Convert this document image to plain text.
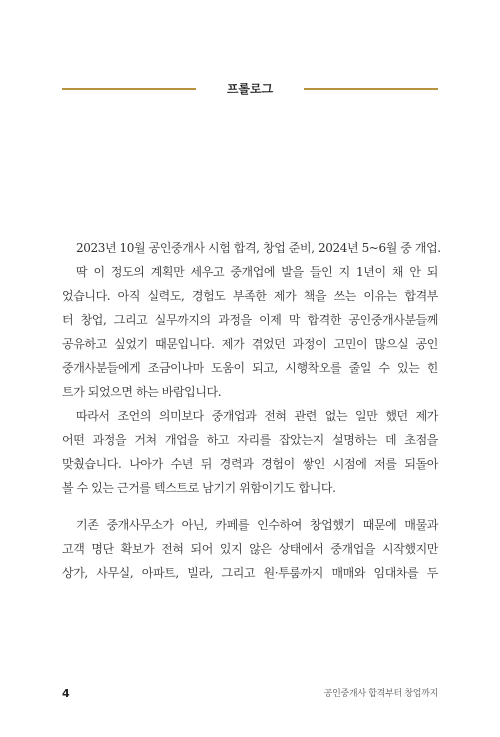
프롤로그
2023년 10월 공인중개사 시험 합격, 창업 준비, 2024년 5~6월 중 개업.
딱 이 정도의 계획만 세우고 중개업에 발을 들인 지 1년이 채 안 되
었습니다. 아직 실력도, 경험도 부족한 제가 책을 쓰는 이유는 합격부
터 창업, 그리고 실무까지의 과정을 이제 막 합격한 공인중개사분들께
공유하고 싶었기 때문입니다. 제가 겪었던 과정이 고민이 많으실 공인
중개사분들에게 조금이나마 도움이 되고, 시행착오를 줄일 수 있는 힌
트가 되었으면 하는 바람입니다.
따라서 조언의 의미보다 중개업과 전혀 관련 없는 일만 했던 제가
어떤 과정을 거쳐 개업을 하고 자리를 잡았는지 설명하는 데 초점을
맞췄습니다. 나아가 수년 뒤 경력과 경험이 쌓인 시점에 저를 되돌아
볼 수 있는 근거를 텍스트로 남기기 위함이기도 합니다.
기존 중개사무소가 아닌, 카페를 인수하여 창업했기 때문에 매물과
고객 명단 확보가 전혀 되어 있지 않은 상태에서 중개업을 시작했지만
상가, 사무실, 아파트, 빌라, 그리고 원·투룸까지 매매와 임대차를 두
4	공인중개사 합격부터 창업까지
